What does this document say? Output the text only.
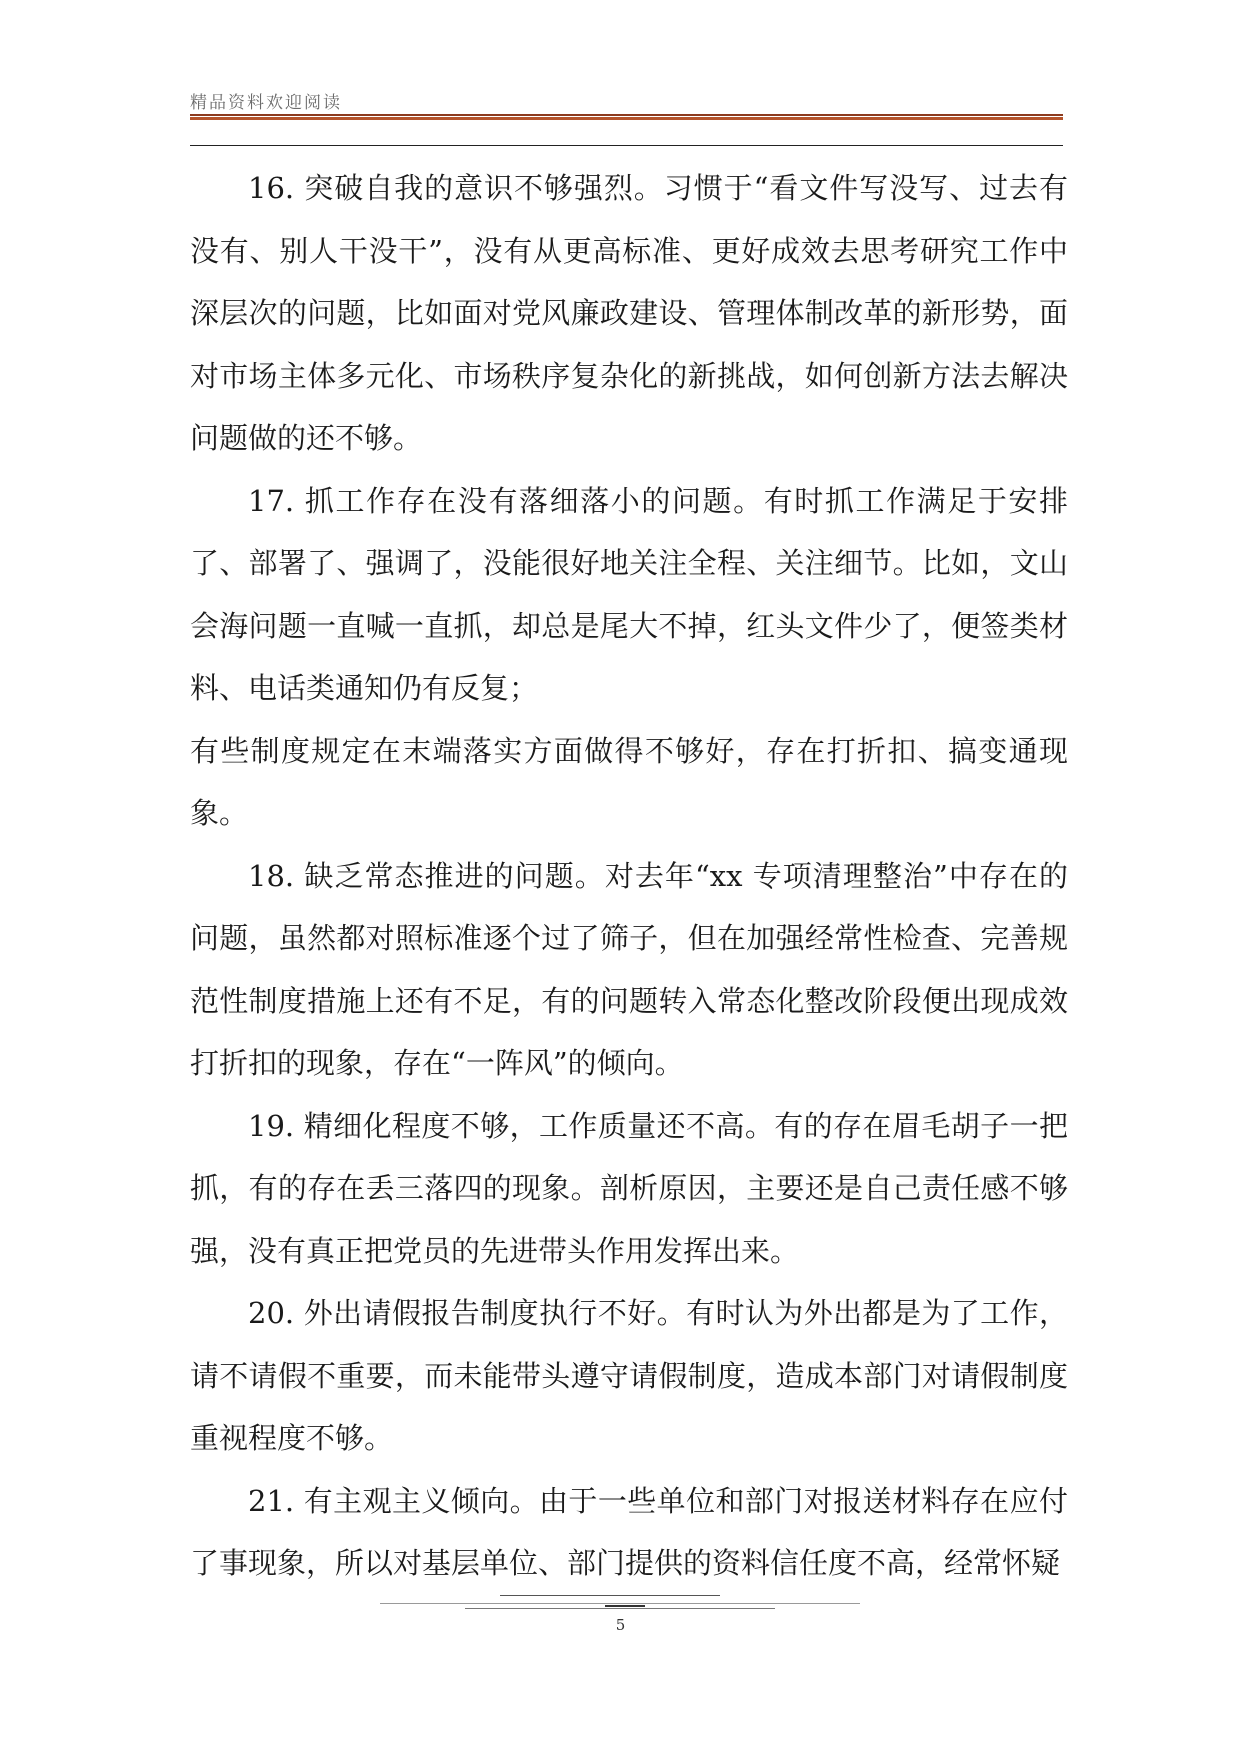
精品资料欢迎阅读

16. 突破自我的意识不够强烈。习惯于“看文件写没写、过去有没有、别人干没干”，没有从更高标准、更好成效去思考研究工作中深层次的问题，比如面对党风廉政建设、管理体制改革的新形势，面对市场主体多元化、市场秩序复杂化的新挑战，如何创新方法去解决问题做的还不够。

17. 抓工作存在没有落细落小的问题。有时抓工作满足于安排了、部署了、强调了，没能很好地关注全程、关注细节。比如，文山会海问题一直喊一直抓，却总是尾大不掉，红头文件少了，便签类材料、电话类通知仍有反复；

有些制度规定在末端落实方面做得不够好，存在打折扣、搞变通现象。

18. 缺乏常态推进的问题。对去年“xx 专项清理整治”中存在的问题，虽然都对照标准逐个过了筛子，但在加强经常性检查、完善规范性制度措施上还有不足，有的问题转入常态化整改阶段便出现成效打折扣的现象，存在“一阵风”的倾向。

19. 精细化程度不够，工作质量还不高。有的存在眉毛胡子一把抓，有的存在丢三落四的现象。剖析原因，主要还是自己责任感不够强，没有真正把党员的先进带头作用发挥出来。

20. 外出请假报告制度执行不好。有时认为外出都是为了工作，请不请假不重要，而未能带头遵守请假制度，造成本部门对请假制度重视程度不够。

21. 有主观主义倾向。由于一些单位和部门对报送材料存在应付了事现象，所以对基层单位、部门提供的资料信任度不高，经常怀疑

5
